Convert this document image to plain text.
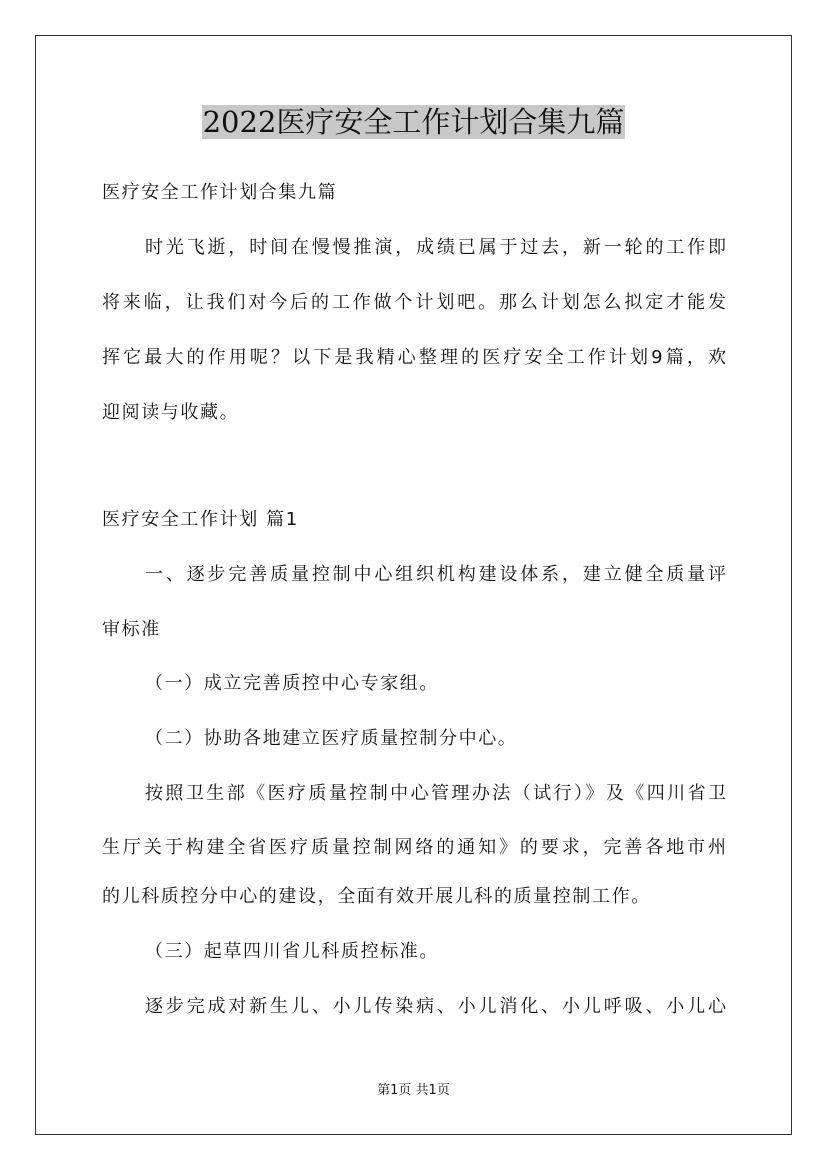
2022医疗安全工作计划合集九篇
医疗安全工作计划合集九篇
时光飞逝，时间在慢慢推演，成绩已属于过去，新一轮的工作即
将来临，让我们对今后的工作做个计划吧。那么计划怎么拟定才能发
挥它最大的作用呢？以下是我精心整理的医疗安全工作计划9篇，欢
迎阅读与收藏。
医疗安全工作计划 篇1
一、逐步完善质量控制中心组织机构建设体系，建立健全质量评
审标准
（一）成立完善质控中心专家组。
（二）协助各地建立医疗质量控制分中心。
按照卫生部《医疗质量控制中心管理办法（试行）》及《四川省卫
生厅关于构建全省医疗质量控制网络的通知》的要求，完善各地市州
的儿科质控分中心的建设，全面有效开展儿科的质量控制工作。
（三）起草四川省儿科质控标准。
逐步完成对新生儿、小儿传染病、小儿消化、小儿呼吸、小儿心
第1页 共1页
